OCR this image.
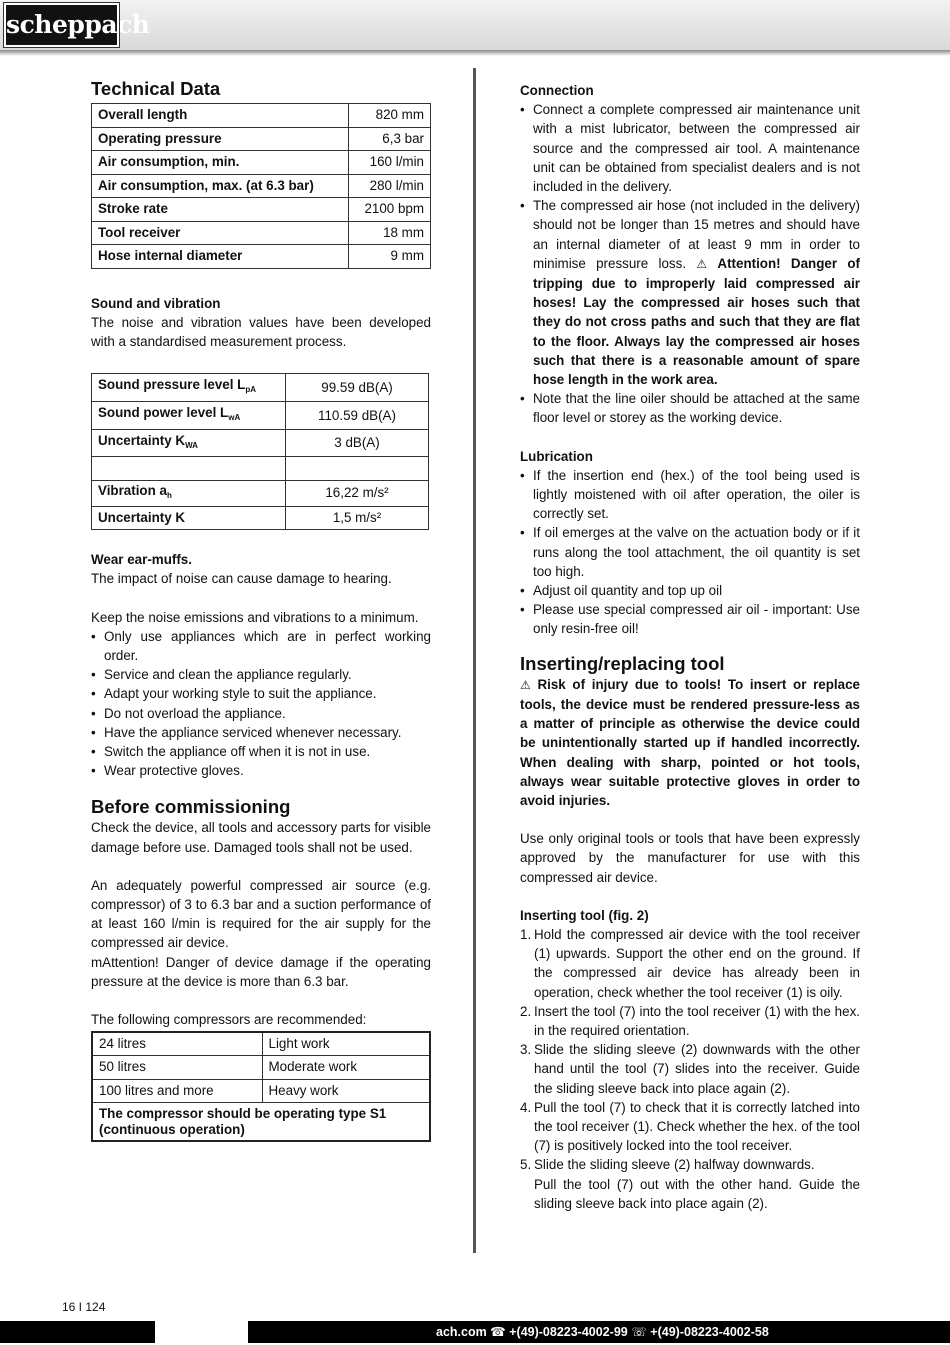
scheppach
Technical Data
Overall length	820 mm
Operating pressure	6,3 bar
Air consumption, min.	160 l/min
Air consumption, max. (at 6.3 bar)	280 l/min
Stroke rate	2100 bpm
Tool receiver	18 mm
Hose internal diameter	9 mm
Sound and vibration

The noise and vibration values have been developed with a standardised measurement process.

Sound pressure level $L_{pA}$	99.59 dB(A)
Sound power level $L_{wA}$	110.59 dB(A)
Uncertainty $K_{WA}$	3 dB(A)

Vibration $a_h$	16,22 m/s²
Uncertainty K	1,5 m/s²
Wear ear-muffs.

The impact of noise can cause damage to hearing.

Keep the noise emissions and vibrations to a minimum.

• Only use appliances which are in perfect working order.
• Service and clean the appliance regularly.
• Adapt your working style to suit the appliance.
• Do not overload the appliance.
• Have the appliance serviced whenever necessary.
• Switch the appliance off when it is not in use.
• Wear protective gloves.
Before commissioning

Check the device, all tools and accessory parts for visible damage before use. Damaged tools shall not be used.

An adequately powerful compressed air source (e.g. compressor) of 3 to 6.3 bar and a suction performance of at least 160 l/min is required for the air supply for the compressed air device.

mAttention! Danger of device damage if the operating pressure at the device is more than 6.3 bar.

The following compressors are recommended:

24 litres	Light work
50 litres	Moderate work
100 litres and more	Heavy work
The compressor should be operating type S1 (continuous operation)	
Connection
• Connect a complete compressed air maintenance unit with a mist lubricator, between the compressed air source and the compressed air tool. A maintenance unit can be obtained from specialist dealers and is not included in the delivery.
• The compressed air hose (not included in the delivery) should not be longer than 15 metres and should have an internal diameter of at least 9 mm in order to minimise pressure loss. ⚠ Attention! Danger of tripping due to improperly laid compressed air hoses! Lay the compressed air hoses such that they do not cross paths and such that they are flat to the floor. Always lay the compressed air hoses such that there is a reasonable amount of spare hose length in the work area.
• Note that the line oiler should be attached at the same floor level or storey as the working device.
Lubrication
• If the insertion end (hex.) of the tool being used is lightly moistened with oil after operation, the oiler is correctly set.
• If oil emerges at the valve on the actuation body or if it runs along the tool attachment, the oil quantity is set too high.
• Adjust oil quantity and top up oil
• Please use special compressed air oil - important: Use only resin-free oil!
Inserting/replacing tool

⚠ Risk of injury due to tools! To insert or replace tools, the device must be rendered pressure-less as a matter of principle as otherwise the device could be unintentionally started up if handled incorrectly. When dealing with sharp, pointed or hot tools, always wear suitable protective gloves in order to avoid injuries.

Use only original tools or tools that have been expressly approved by the manufacturer for use with this compressed air device.

Inserting tool (fig. 2)
1. Hold the compressed air device with the tool receiver (1) upwards. Support the other end on the ground. If the compressed air device has already been in operation, check whether the tool receiver (1) is oily.
2. Insert the tool (7) into the tool receiver (1) with the hex. in the required orientation.
3. Slide the sliding sleeve (2) downwards with the other hand until the tool (7) slides into the receiver. Guide the sliding sleeve back into place again (2).
4. Pull the tool (7) to check that it is correctly latched into the tool receiver (1). Check whether the hex. of the tool (7) is positively locked into the tool receiver.
5. Slide the sliding sleeve (2) halfway downwards.
Pull the tool (7) out with the other hand. Guide the sliding sleeve back into place again (2).
16 I 124
ach.com ☎ +(49)-08223-4002-99 ☏ +(49)-08223-4002-58
